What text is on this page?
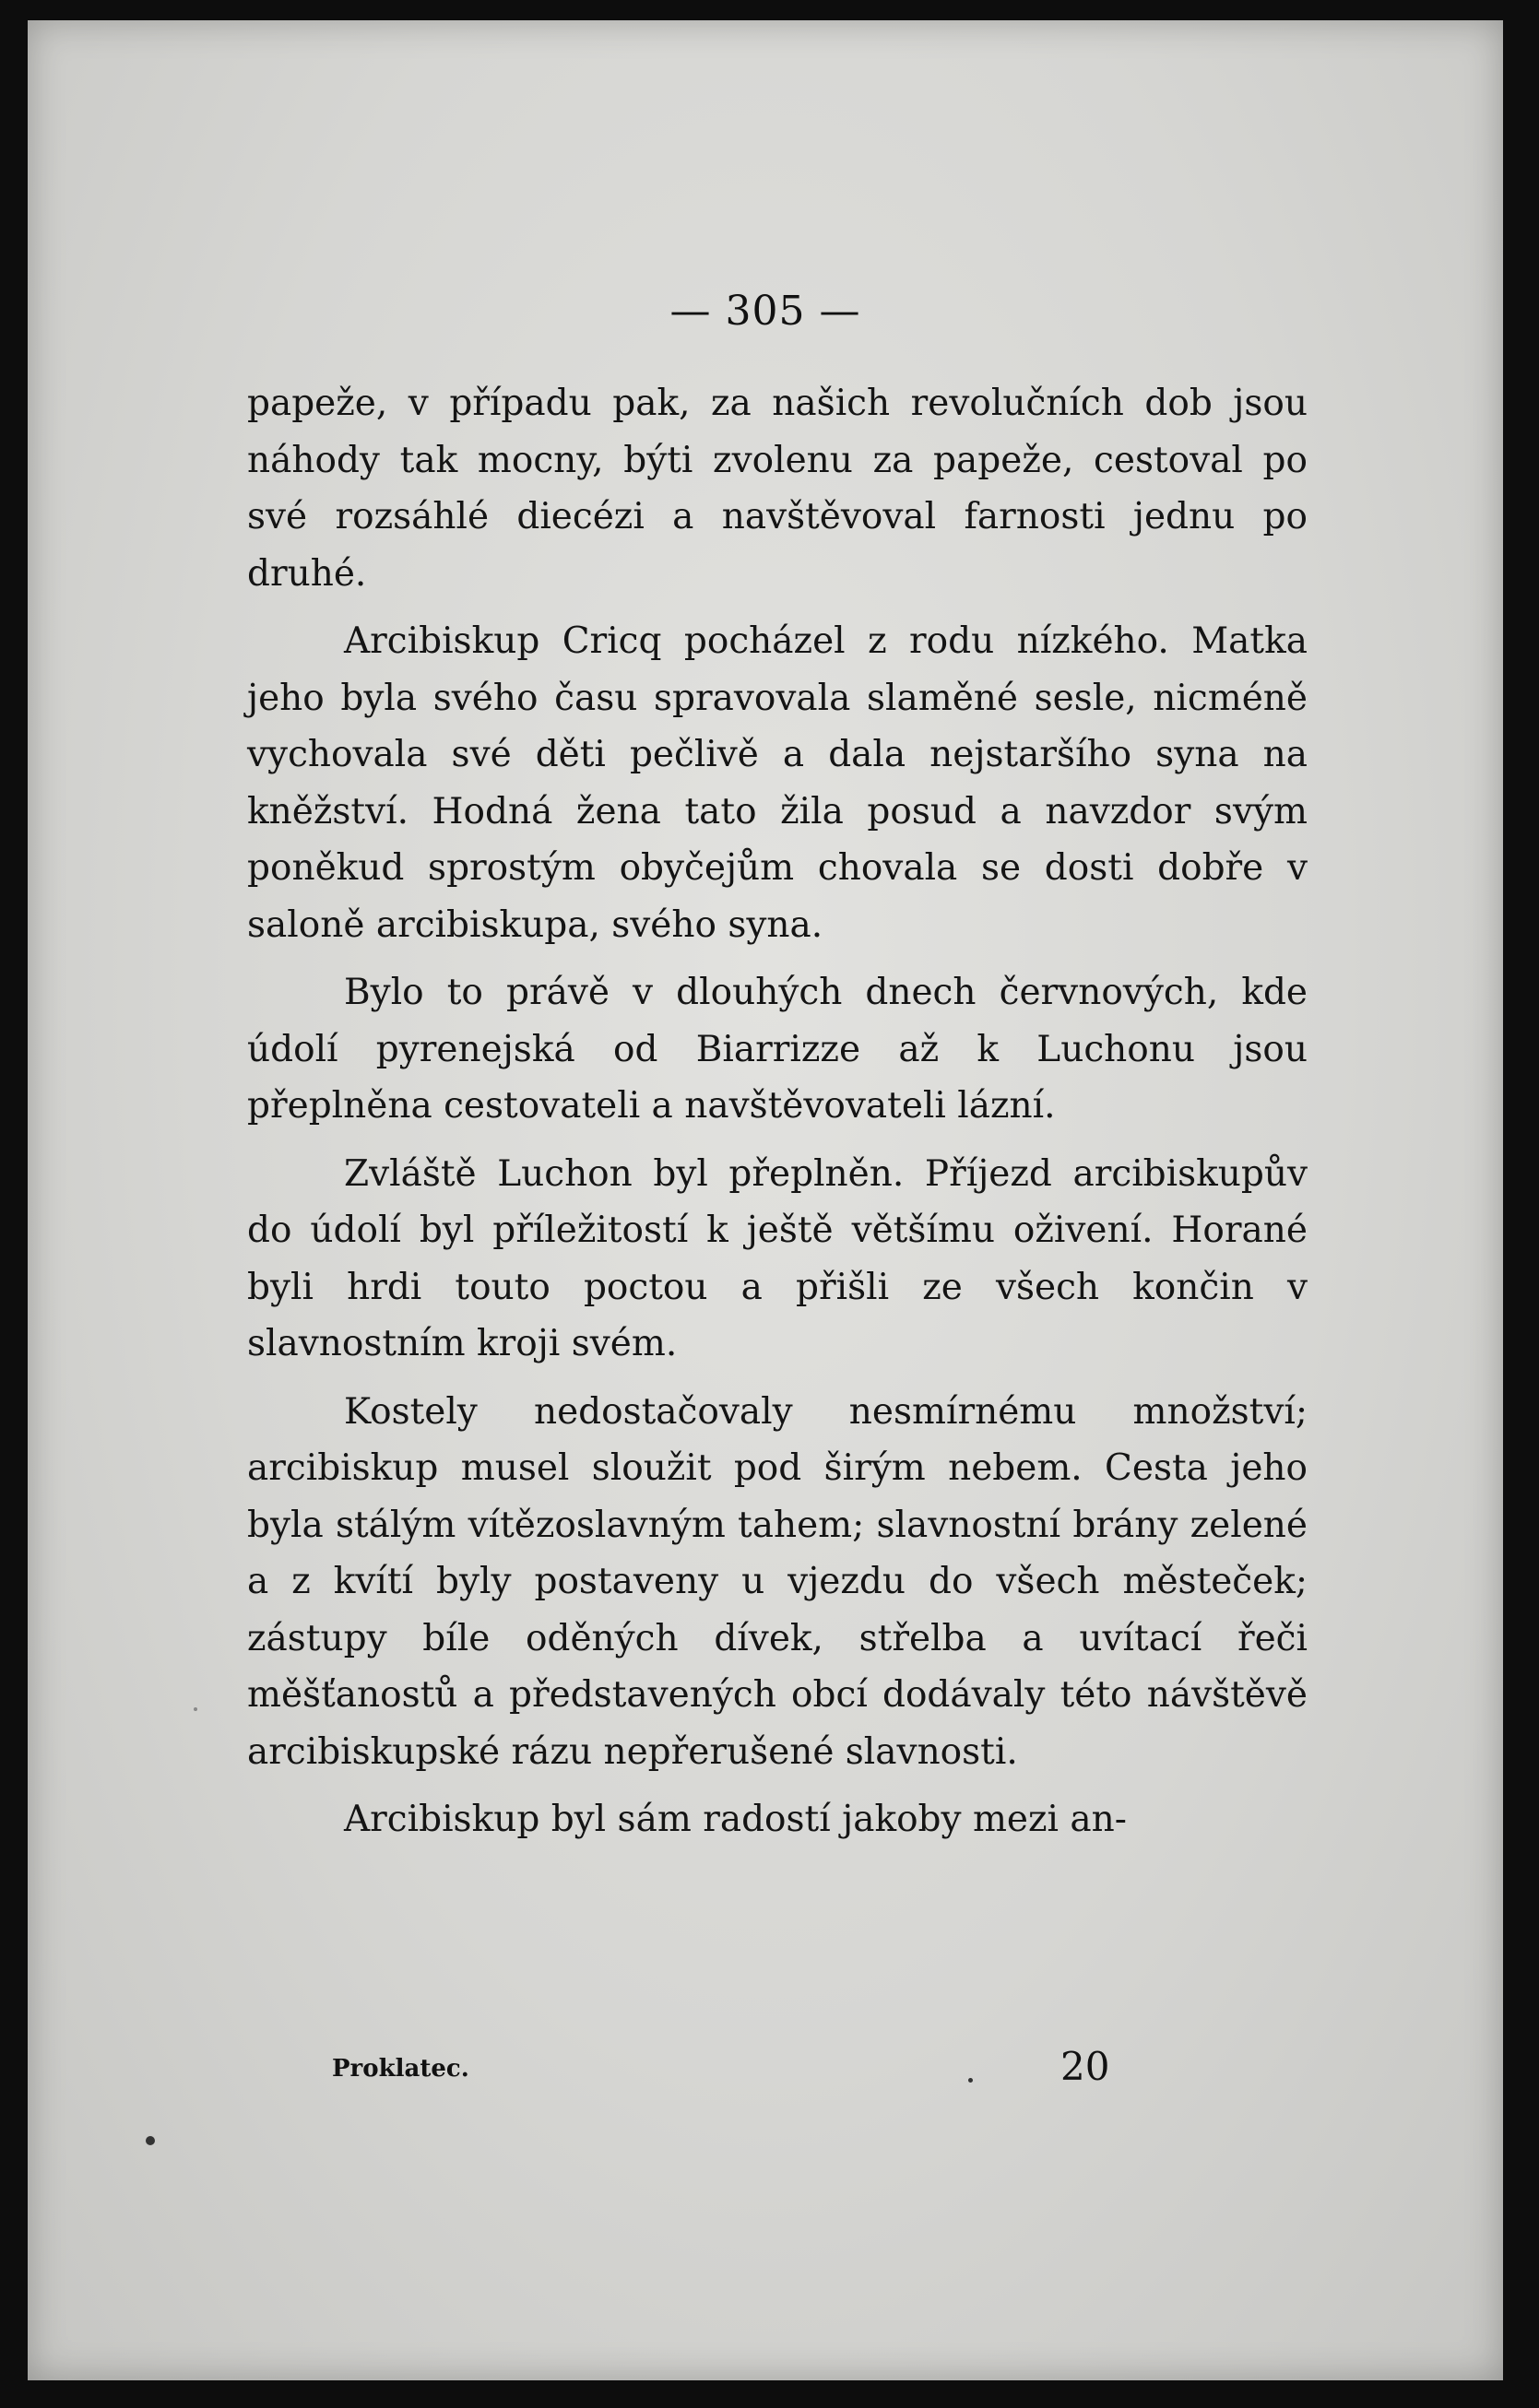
— 305 —

papeže, v případu pak, za našich revolučních dob jsou náhody tak mocny, býti zvolenu za papeže, cestoval po své rozsáhlé diecézi a navštěvoval farnosti jednu po druhé.

Arcibiskup Cricq pocházel z rodu nízkého. Matka jeho byla svého času spravovala slaměné sesle, nicméně vychovala své děti pečlivě a dala nejstaršího syna na kněžství. Hodná žena tato žila posud a navzdor svým poněkud sprostým obyčejům chovala se dosti dobře v saloně arcibiskupa, svého syna.

Bylo to právě v dlouhých dnech červnových, kde údolí pyrenejská od Biarrizze až k Luchonu jsou přeplněna cestovateli a navštěvovateli lázní.

Zvláště Luchon byl přeplněn. Příjezd arcibiskupův do údolí byl příležitostí k ještě většímu oživení. Horané byli hrdi touto poctou a přišli ze všech končin v slavnostním kroji svém.

Kostely nedostačovaly nesmírnému množství; arcibiskup musel sloužit pod širým nebem. Cesta jeho byla stálým vítězoslavným tahem; slavnostní brány zelené a z kvítí byly postaveny u vjezdu do všech městeček; zástupy bíle oděných dívek, střelba a uvítací řeči měšťanostů a představených obcí dodávaly této návštěvě arcibiskupské rázu nepřerušené slavnosti.

Arcibiskup byl sám radostí jakoby mezi an-

Proklatec.	20
